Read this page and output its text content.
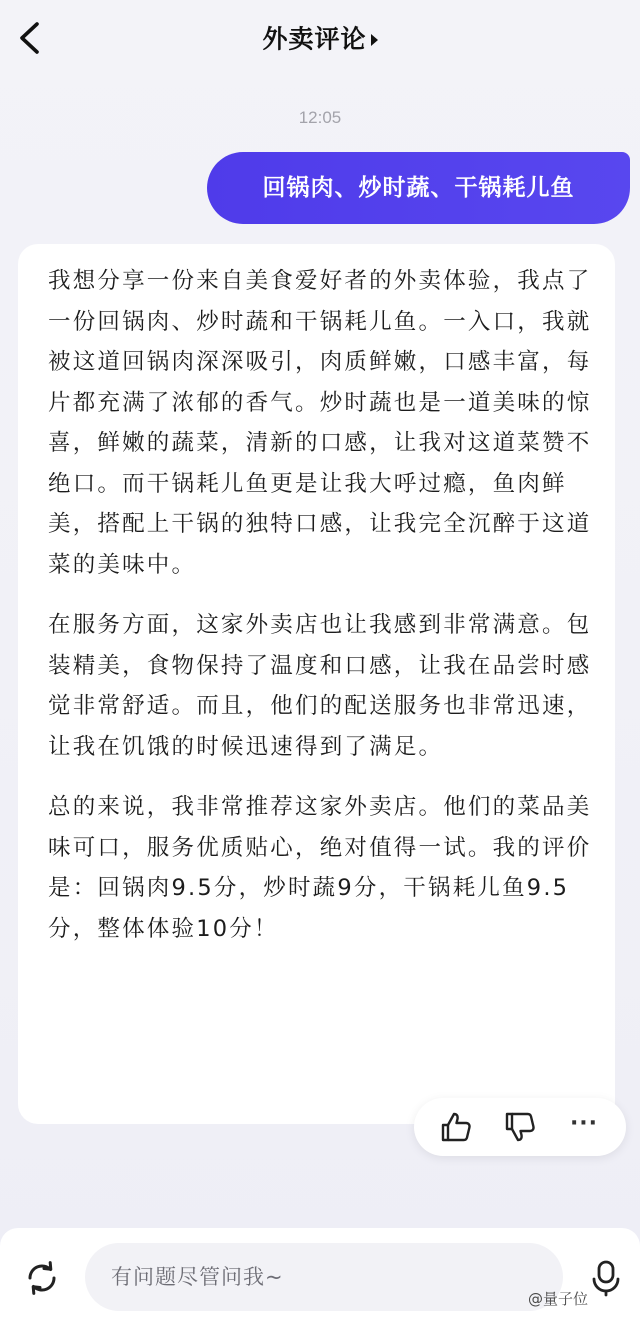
外卖评论
12:05
回锅肉、炒时蔬、干锅耗儿鱼

我想分享一份来自美食爱好者的外卖体验，我点了一份回锅肉、炒时蔬和干锅耗儿鱼。一入口，我就被这道回锅肉深深吸引，肉质鲜嫩，口感丰富，每片都充满了浓郁的香气。炒时蔬也是一道美味的惊喜，鲜嫩的蔬菜，清新的口感，让我对这道菜赞不绝口。而干锅耗儿鱼更是让我大呼过瘾，鱼肉鲜美，搭配上干锅的独特口感，让我完全沉醉于这道菜的美味中。

在服务方面，这家外卖店也让我感到非常满意。包装精美，食物保持了温度和口感，让我在品尝时感觉非常舒适。而且，他们的配送服务也非常迅速，让我在饥饿的时候迅速得到了满足。

总的来说，我非常推荐这家外卖店。他们的菜品美味可口，服务优质贴心，绝对值得一试。我的评价是：回锅肉9.5分，炒时蔬9分，干锅耗儿鱼9.5分，整体体验10分！

···
有问题尽管问我~
@量子位
